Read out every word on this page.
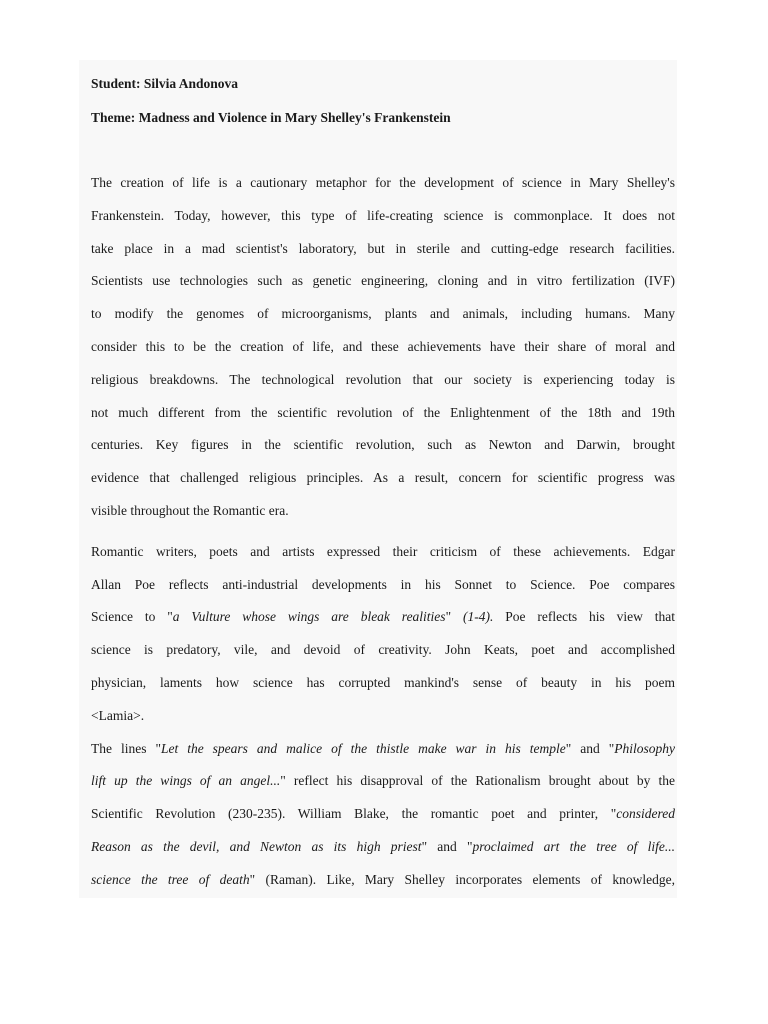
Student: Silvia Andonova

Theme: Madness and Violence in Mary Shelley's Frankenstein

The creation of life is a cautionary metaphor for the development of science in Mary Shelley's
Frankenstein. Today, however, this type of life-creating science is commonplace. It does not
take place in a mad scientist's laboratory, but in sterile and cutting-edge research facilities.
Scientists use technologies such as genetic engineering, cloning and in vitro fertilization (IVF)
to modify the genomes of microorganisms, plants and animals, including humans. Many
consider this to be the creation of life, and these achievements have their share of moral and
religious breakdowns. The technological revolution that our society is experiencing today is
not much different from the scientific revolution of the Enlightenment of the 18th and 19th
centuries. Key figures in the scientific revolution, such as Newton and Darwin, brought
evidence that challenged religious principles. As a result, concern for scientific progress was
visible throughout the Romantic era.

Romantic writers, poets and artists expressed their criticism of these achievements. Edgar
Allan Poe reflects anti-industrial developments in his Sonnet to Science. Poe compares
Science to "a Vulture whose wings are bleak realities" (1-4). Poe reflects his view that
science is predatory, vile, and devoid of creativity. John Keats, poet and accomplished
physician, laments how science has corrupted mankind's sense of beauty in his poem
<Lamia>.
The lines "Let the spears and malice of the thistle make war in his temple" and "Philosophy
lift up the wings of an angel..." reflect his disapproval of the Rationalism brought about by the
Scientific Revolution (230-235). William Blake, the romantic poet and printer, "considered
Reason as the devil, and Newton as its high priest" and "proclaimed art the tree of life...
science the tree of death" (Raman). Like, Mary Shelley incorporates elements of knowledge,
